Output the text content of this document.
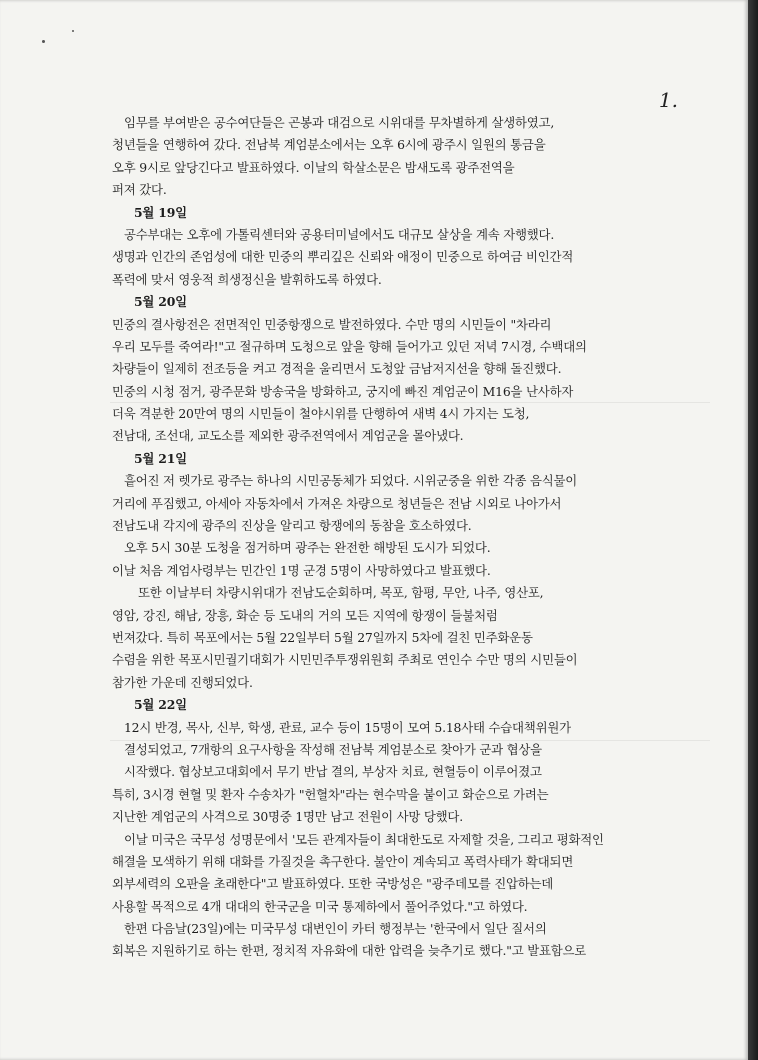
1.
임무를 부여받은 공수여단들은 곤봉과 대검으로 시위대를 무차별하게 살생하였고,
청년들을 연행하여 갔다. 전남북 계엄분소에서는 오후 6시에 광주시 일원의 통금을
오후 9시로 앞당긴다고 발표하였다. 이날의 학살소문은 밤새도록 광주전역을
퍼져 갔다.
5월 19일
공수부대는 오후에 가톨릭센터와 공용터미널에서도 대규모 살상을 계속 자행했다.
생명과 인간의 존엄성에 대한 민중의 뿌리깊은 신뢰와 애정이 민중으로 하여금 비인간적
폭력에 맞서 영웅적 희생정신을 발휘하도록 하였다.
5월 20일
민중의 결사항전은 전면적인 민중항쟁으로 발전하였다. 수만 명의 시민들이 "차라리
우리 모두를 죽여라!"고 절규하며 도청으로 앞을 향해 들어가고 있던 저녁 7시경, 수백대의
차량들이 일제히 전조등을 켜고 경적을 울리면서 도청앞 금남저지선을 향해 돌진했다.
민중의 시청 점거, 광주문화 방송국을 방화하고, 궁지에 빠진 계엄군이 M16을 난사하자
더욱 격분한 20만여 명의 시민들이 철야시위를 단행하여 새벽 4시 가지는 도청,
전남대, 조선대, 교도소를 제외한 광주전역에서 계엄군을 몰아냈다.
5월 21일
흩어진 저 렛가로 광주는 하나의 시민공동체가 되었다. 시위군중을 위한 각종 음식물이
거리에 푸짐했고, 아세아 자동차에서 가져온 차량으로 청년들은 전남 시외로 나아가서
전남도내 각지에 광주의 진상을 알리고 항쟁에의 동참을 호소하였다.
오후 5시 30분 도청을 점거하며 광주는 완전한 해방된 도시가 되었다.
이날 처음 계엄사령부는 민간인 1명 군경 5명이 사망하였다고 발표했다.
또한 이날부터 차량시위대가 전남도순회하며, 목포, 함평, 무안, 나주, 영산포,
영암, 강진, 해남, 장흥, 화순 등 도내의 거의 모든 지역에 항쟁이 들불처럼
번져갔다. 특히 목포에서는 5월 22일부터 5월 27일까지 5차에 걸친 민주화운동
수렴을 위한 목포시민궐기대회가 시민민주투쟁위원회 주최로 연인수 수만 명의 시민들이
참가한 가운데 진행되었다.
5월 22일
12시 반경, 목사, 신부, 학생, 관료, 교수 등이 15명이 모여 5.18사태 수습대책위원가
결성되었고, 7개항의 요구사항을 작성해 전남북 계엄분소로 찾아가 군과 협상을
시작했다. 협상보고대회에서 무기 반납 결의, 부상자 치료, 현혈등이 이루어졌고
특히, 3시경 현혈 및 환자 수송차가 "헌혈차"라는 현수막을 붙이고 화순으로 가려는
지난한 계엄군의 사격으로 30명중 1명만 남고 전원이 사망 당했다.
이날 미국은 국무성 성명문에서 '모든 관계자들이 최대한도로 자제할 것을, 그리고 평화적인
해결을 모색하기 위해 대화를 가질것을 촉구한다. 불안이 계속되고 폭력사태가 확대되면
외부세력의 오판을 초래한다"고 발표하였다. 또한 국방성은 "광주데모를 진압하는데
사용할 목적으로 4개 대대의 한국군을 미국 통제하에서 풀어주었다."고 하였다.
한편 다음날(23일)에는 미국무성 대변인이 카터 행정부는 '한국에서 일단 질서의
회복은 지원하기로 하는 한편, 정치적 자유화에 대한 압력을 늦추기로 했다."고 발표함으로
